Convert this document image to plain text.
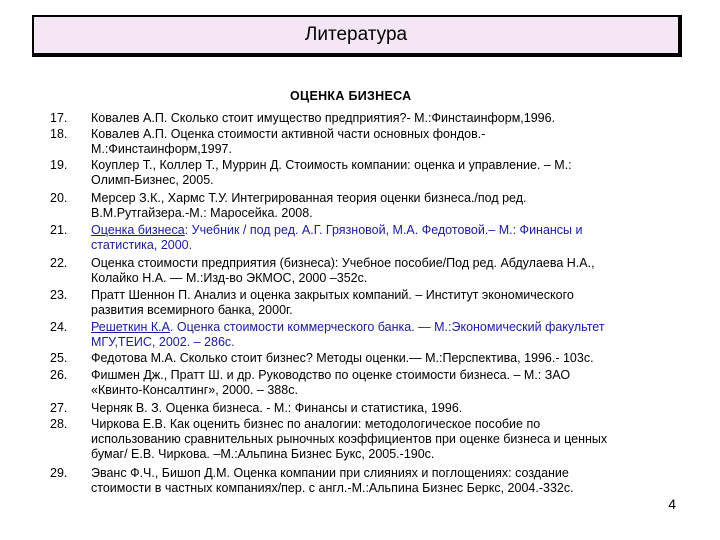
Литература
ОЦЕНКА БИЗНЕСА
17. Ковалев А.П. Сколько стоит имущество предприятия?- М.:Финстаинформ,1996.
18. Ковалев А.П. Оценка стоимости активной части основных фондов.-
М.:Финстаинформ,1997.
19. Коуплер Т., Коллер Т., Муррин Д. Стоимость компании: оценка и управление. – М.:
Олимп-Бизнес, 2005.
20. Мерсер З.К., Хармс Т.У. Интегрированная теория оценки бизнеса./под ред.
В.М.Рутгайзера.-М.: Маросейка. 2008.
21. Оценка бизнеса: Учебник / под ред. А.Г. Грязновой, М.А. Федотовой.– М.: Финансы и
статистика, 2000.
22. Оценка стоимости предприятия (бизнеса): Учебное пособие/Под ред. Абдулаева Н.А.,
Колайко Н.А. — М.:Изд-во ЭКМОС, 2000 –352с.
23. Пратт Шеннон П. Анализ и оценка закрытых компаний. – Институт экономического
развития всемирного банка, 2000г.
24. Решеткин К.А. Оценка стоимости коммерческого банка. — М.:Экономический факультет
МГУ,ТЕИС, 2002. – 286с.
25. Федотова М.А. Сколько стоит бизнес? Методы оценки.— М.:Перспектива, 1996.- 103с.
26. Фишмен Дж., Пратт Ш. и др. Руководство по оценке стоимости бизнеса. – М.: ЗАО
«Квинто-Консалтинг», 2000. – 388с.
27. Черняк В. З. Оценка бизнеса. - М.: Финансы и статистика, 1996.
28. Чиркова Е.В. Как оценить бизнес по аналогии: методологическое пособие по
использованию сравнительных рыночных коэффициентов при оценке бизнеса и ценных
бумаг/ Е.В. Чиркова. –М.:Альпина Бизнес Букс, 2005.-190с.
29. Эванс Ф.Ч., Бишоп Д.М. Оценка компании при слияниях и поглощениях: создание
стоимости в частных компаниях/пер. с англ.-М.:Альпина Бизнес Беркс, 2004.-332с.
4
